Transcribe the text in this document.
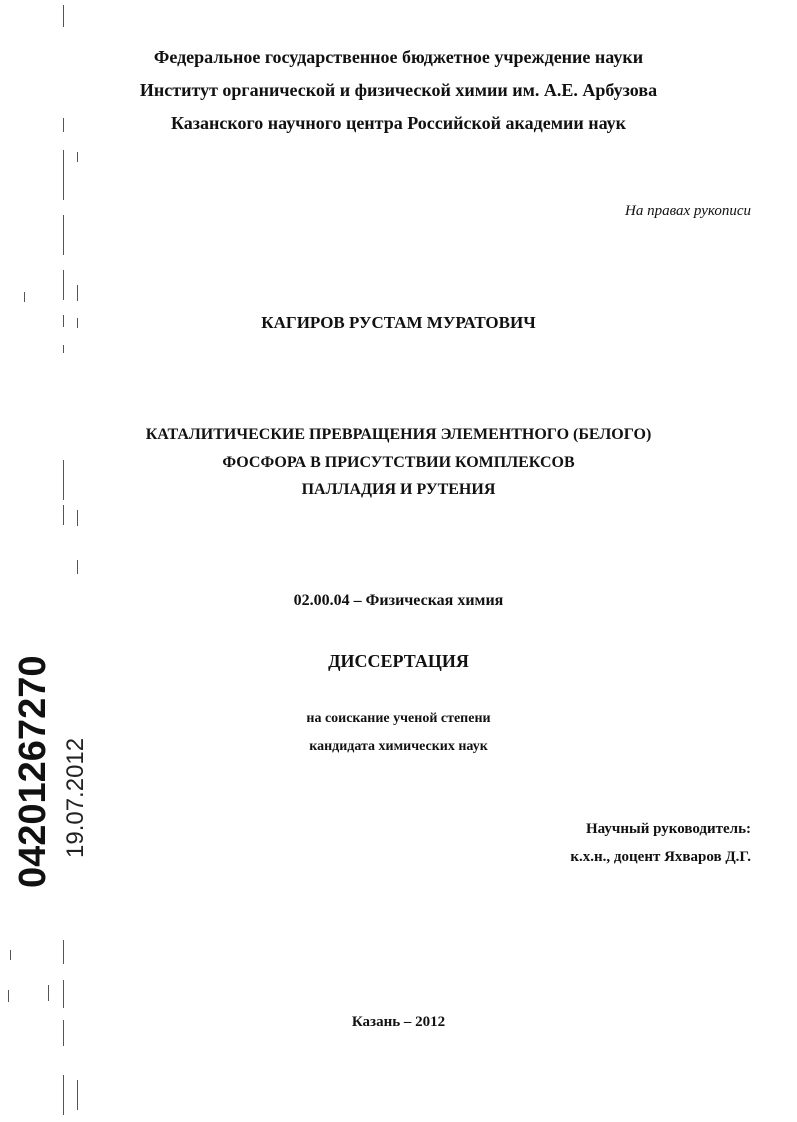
04201267270 19.07.2012
Федеральное государственное бюджетное учреждение науки
Институт органической и физической химии им. А.Е. Арбузова
Казанского научного центра Российской академии наук
На правах рукописи
КАГИРОВ РУСТАМ МУРАТОВИЧ
КАТАЛИТИЧЕСКИЕ ПРЕВРАЩЕНИЯ ЭЛЕМЕНТНОГО (БЕЛОГО)
ФОСФОРА В ПРИСУТСТВИИ КОМПЛЕКСОВ
ПАЛЛАДИЯ И РУТЕНИЯ
02.00.04 – Физическая химия
ДИССЕРТАЦИЯ
на соискание ученой степени
кандидата химических наук
Научный руководитель:
к.х.н., доцент Яхваров Д.Г.
Казань – 2012
